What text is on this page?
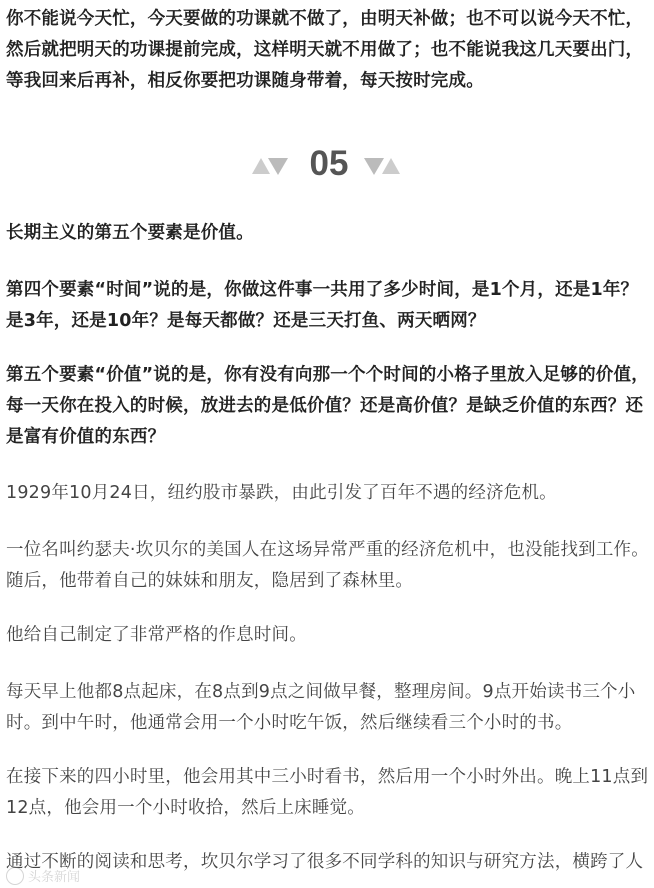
你不能说今天忙，今天要做的功课就不做了，由明天补做；也不可以说今天不忙，然后就把明天的功课提前完成，这样明天就不用做了；也不能说我这几天要出门，等我回来后再补，相反你要把功课随身带着，每天按时完成。

05

长期主义的第五个要素是价值。

第四个要素“时间”说的是，你做这件事一共用了多少时间，是1个月，还是1年？是3年，还是10年？是每天都做？还是三天打鱼、两天晒网？

第五个要素“价值”说的是，你有没有向那一个个时间的小格子里放入足够的价值，每一天你在投入的时候，放进去的是低价值？还是高价值？是缺乏价值的东西？还是富有价值的东西？

1929年10月24日，纽约股市暴跌，由此引发了百年不遇的经济危机。

一位名叫约瑟夫·坎贝尔的美国人在这场异常严重的经济危机中，也没能找到工作。随后，他带着自己的妹妹和朋友，隐居到了森林里。

他给自己制定了非常严格的作息时间。

每天早上他都8点起床，在8点到9点之间做早餐，整理房间。9点开始读书三个小时。到中午时，他通常会用一个小时吃午饭，然后继续看三个小时的书。

在接下来的四小时里，他会用其中三小时看书，然后用一个小时外出。晚上11点到12点，他会用一个小时收拾，然后上床睡觉。

通过不断的阅读和思考，坎贝尔学习了很多不同学科的知识与研究方法，横跨了人

头条新闻
